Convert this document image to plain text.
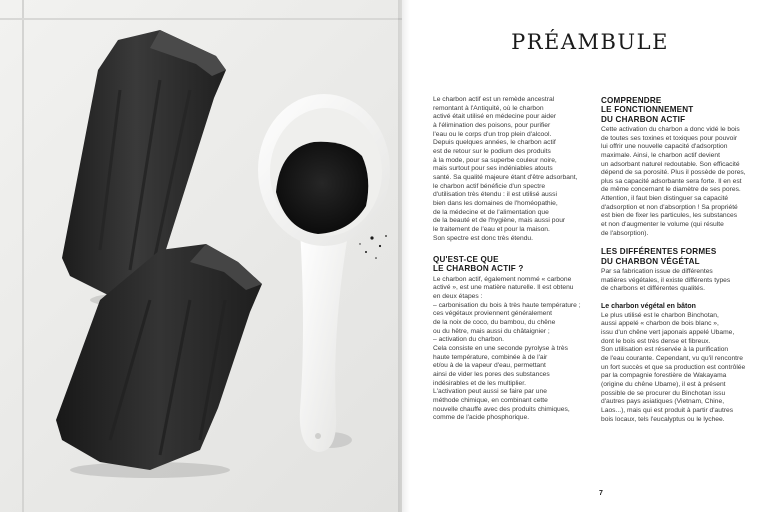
PRÉAMBULE

Le charbon actif est un remède ancestral
remontant à l'Antiquité, où le charbon
activé était utilisé en médecine pour aider
à l'élimination des poisons, pour purifier
l'eau ou le corps d'un trop plein d'alcool.
Depuis quelques années, le charbon actif
est de retour sur le podium des produits
à la mode, pour sa superbe couleur noire,
mais surtout pour ses indéniables atouts
santé. Sa qualité majeure étant d'être adsorbant,
le charbon actif bénéficie d'un spectre
d'utilisation très étendu : il est utilisé aussi
bien dans les domaines de l'homéopathie,
de la médecine et de l'alimentation que
de la beauté et de l'hygiène, mais aussi pour
le traitement de l'eau et pour la maison.
Son spectre est donc très étendu.

QU'EST-CE QUE
LE CHARBON ACTIF ?

Le charbon actif, également nommé « carbone
activé », est une matière naturelle. Il est obtenu
en deux étapes :
– carbonisation du bois à très haute température ;
ces végétaux proviennent généralement
de la noix de coco, du bambou, du chêne
ou du hêtre, mais aussi du châtaignier ;
– activation du charbon.
Cela consiste en une seconde pyrolyse à très
haute température, combinée à de l'air
et/ou à de la vapeur d'eau, permettant
ainsi de vider les pores des substances
indésirables et de les multiplier.
L'activation peut aussi se faire par une
méthode chimique, en combinant cette
nouvelle chauffe avec des produits chimiques,
comme de l'acide phosphorique.

COMPRENDRE
LE FONCTIONNEMENT
DU CHARBON ACTIF

Cette activation du charbon a donc vidé le bois
de toutes ses toxines et toxiques pour pouvoir
lui offrir une nouvelle capacité d'adsorption
maximale. Ainsi, le charbon actif devient
un adsorbant naturel redoutable. Son efficacité
dépend de sa porosité. Plus il possède de pores,
plus sa capacité adsorbante sera forte. Il en est
de même concernant le diamètre de ses pores.
Attention, il faut bien distinguer sa capacité
d'adsorption et non d'absorption ! Sa propriété
est bien de fixer les particules, les substances
et non d'augmenter le volume (qui résulte
de l'absorption).

LES DIFFÉRENTES FORMES
DU CHARBON VÉGÉTAL

Par sa fabrication issue de différentes
matières végétales, il existe différents types
de charbons et différentes qualités.

Le charbon végétal en bâton

Le plus utilisé est le charbon Binchotan,
aussi appelé « charbon de bois blanc »,
issu d'un chêne vert japonais appelé Ubame,
dont le bois est très dense et fibreux.
Son utilisation est réservée à la purification
de l'eau courante. Cependant, vu qu'il rencontre
un fort succès et que sa production est contrôlée
par la compagnie forestière de Wakayama
(origine du chêne Ubame), il est à présent
possible de se procurer du Binchotan issu
d'autres pays asiatiques (Vietnam, Chine,
Laos...), mais qui est produit à partir d'autres
bois locaux, tels l'eucalyptus ou le lychee.

7
